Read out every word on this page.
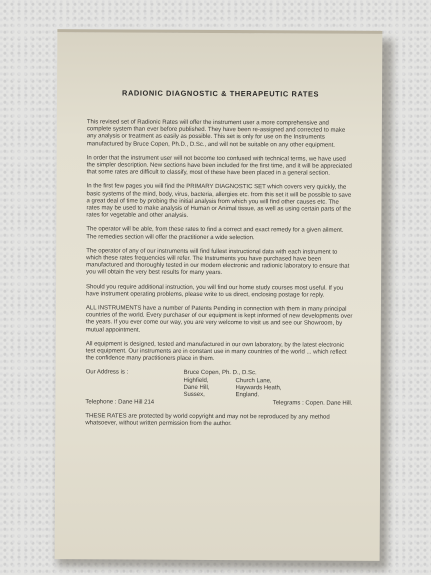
RADIONIC DIAGNOSTIC & THERAPEUTIC RATES

This revised set of Radionic Rates will offer the instrument user a more comprehensive and complete system than ever before published. They have been re-assigned and corrected to make any analysis or treatment as easily as possible. This set is only for use on the Instruments manufactured by Bruce Copen, Ph.D., D.Sc., and will not be suitable on any other equipment.

In order that the instrument user will not become too confused with technical terms, we have used the simpler description. New sections have been included for the first time, and it will be appreciated that some rates are difficult to classify, most of these have been placed in a general section.

In the first few pages you will find the PRIMARY DIAGNOSTIC SET which covers very quickly, the basic systems of the mind, body, virus, bacteria, allergies etc. from this set it will be possible to save a great deal of time by probing the initial analysis from which you will find other causes etc. The rates may be used to make analysis of Human or Animal tissue, as well as using certain parts of the rates for vegetable and other analysis.

The operator will be able, from these rates to find a correct and exact remedy for a given ailment. The remedies section will offer the practitioner a wide selection.

The operator of any of our instruments will find fullest instructional data with each instrument to which these rates frequencies will refer. The Instruments you have purchased have been manufactured and thoroughly tested in our modern electronic and radionic laboratory to ensure that you will obtain the very best results for many years.

Should you require additional instruction, you will find our home study courses most useful. If you have instrument operating problems, please write to us direct, enclosing postage for reply.

ALL INSTRUMENTS have a number of Patents Pending in connection with them in many principal countries of the world. Every purchaser of our equipment is kept informed of new developments over the years. If you ever come our way, you are very welcome to visit us and see our Showroom, by mutual appointment.

All equipment is designed, tested and manufactured in our own laboratory, by the latest electronic test equipment. Our instruments are in constant use in many countries of the world ... which reflect the confidence many practitioners place in them.

Our Address is :	Bruce Copen, Ph. D., D.Sc.
Highfield,	Church Lane,
Dane Hill,	Haywards Heath,
Sussex,	England.
Telephone : Dane Hill 214	Telegrams : Copen. Dane Hill.

THESE RATES are protected by world copyright and may not be reproduced by any method whatsoever, without written permission from the author.
